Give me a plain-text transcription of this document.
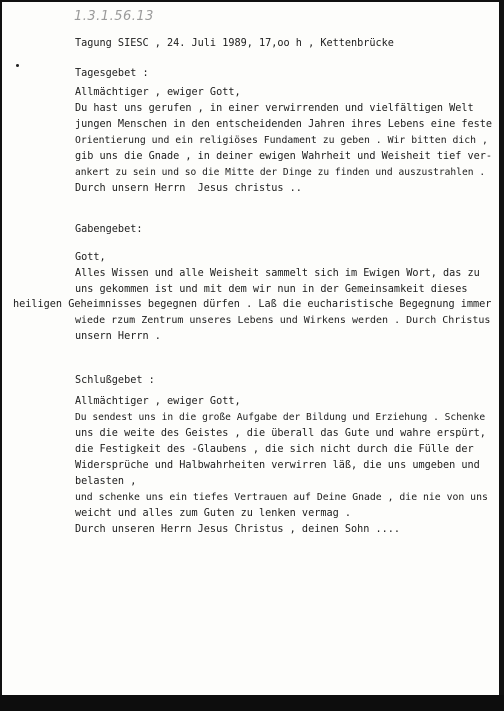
1.3.1.56.13
Tagung SIESC , 24. Juli 1989, 17,oo h , Kettenbrücke
Tagesgebet :
Allmächtiger , ewiger Gott,
Du hast uns gerufen , in einer verwirrenden und vielfältigen Welt
jungen Menschen in den entscheidenden Jahren ihres Lebens eine feste
Orientierung und ein religiöses Fundament zu geben . Wir bitten dich ,
gib uns die Gnade , in deiner ewigen Wahrheit und Weisheit tief ver-
ankert zu sein und so die Mitte der Dinge zu finden und auszustrahlen .
Durch unsern Herrn  Jesus christus ..
Gabengebet:
Gott,
Alles Wissen und alle Weisheit sammelt sich im Ewigen Wort, das zu
uns gekommen ist und mit dem wir nun in der Gemeinsamkeit dieses
heiligen Geheimnisses begegnen dürfen . Laß die eucharistische Begegnung immer
wiede rzum Zentrum unseres Lebens und Wirkens werden . Durch Christus
unsern Herrn .
Schlußgebet :
Allmächtiger , ewiger Gott,
Du sendest uns in die große Aufgabe der Bildung und Erziehung . Schenke
uns die weite des Geistes , die überall das Gute und wahre erspürt,
die Festigkeit des -Glaubens , die sich nicht durch die Fülle der
Widersprüche und Halbwahrheiten verwirren läß, die uns umgeben und
belasten ,
und schenke uns ein tiefes Vertrauen auf Deine Gnade , die nie von uns
weicht und alles zum Guten zu lenken vermag .
Durch unseren Herrn Jesus Christus , deinen Sohn ....
